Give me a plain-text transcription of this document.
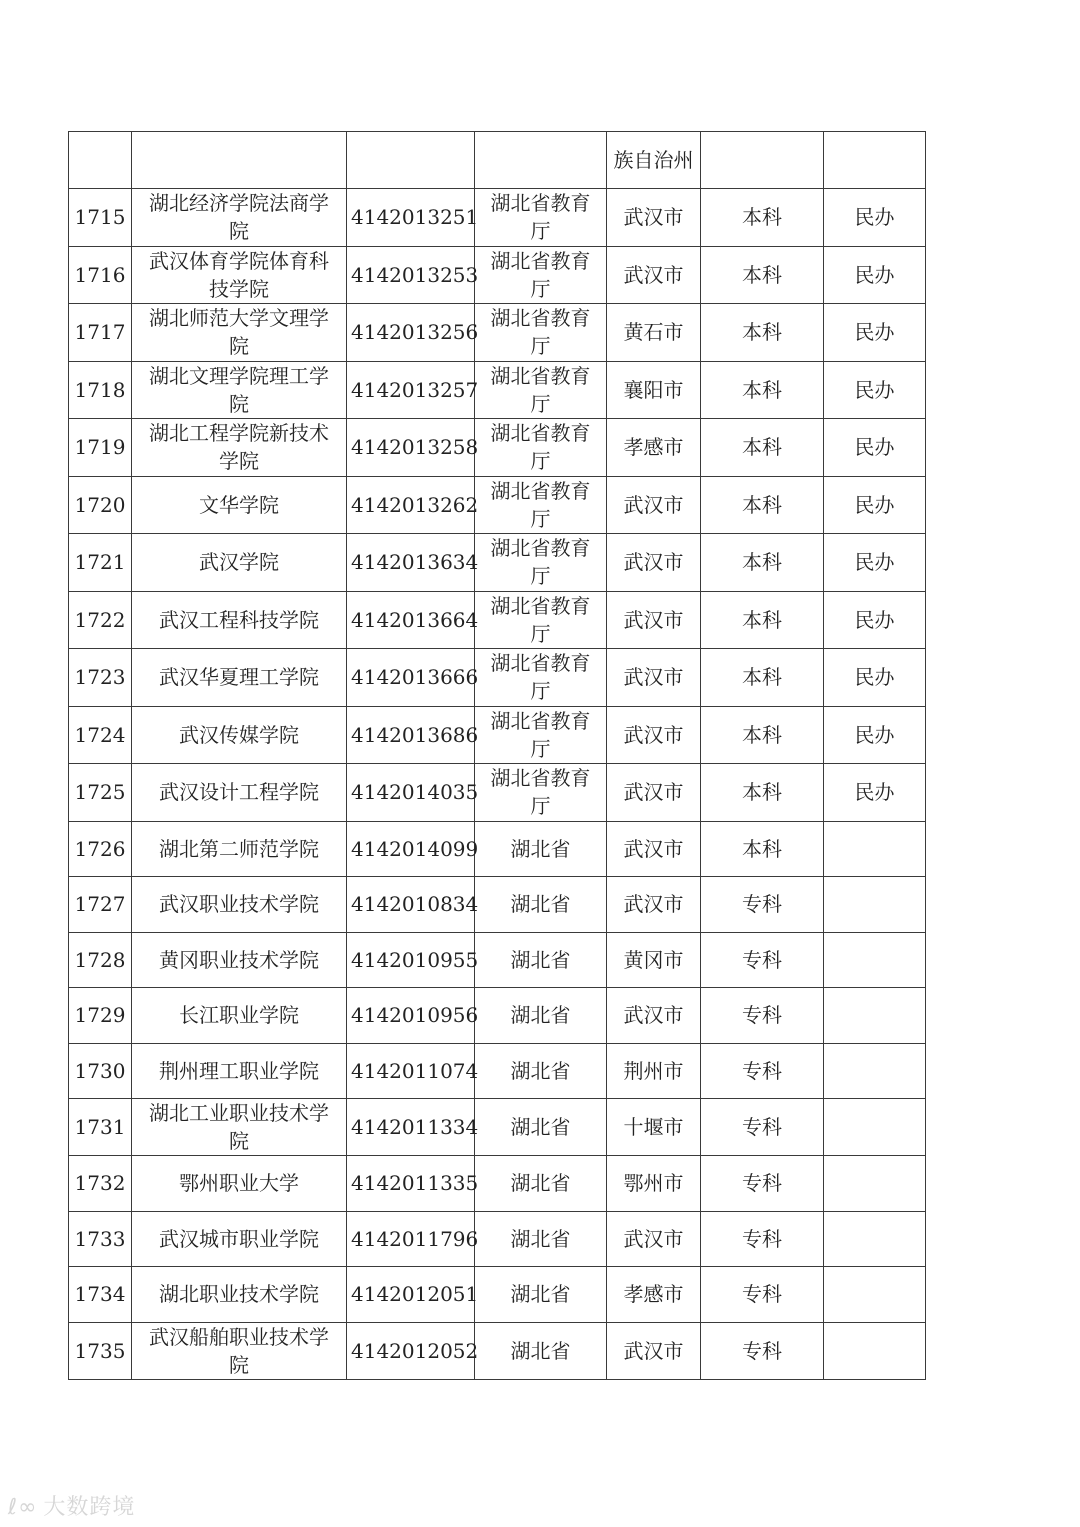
				族自治州		
1715	湖北经济学院法商学院	4142013251	湖北省教育厅	武汉市	本科	民办
1716	武汉体育学院体育科技学院	4142013253	湖北省教育厅	武汉市	本科	民办
1717	湖北师范大学文理学院	4142013256	湖北省教育厅	黄石市	本科	民办
1718	湖北文理学院理工学院	4142013257	湖北省教育厅	襄阳市	本科	民办
1719	湖北工程学院新技术学院	4142013258	湖北省教育厅	孝感市	本科	民办
1720	文华学院	4142013262	湖北省教育厅	武汉市	本科	民办
1721	武汉学院	4142013634	湖北省教育厅	武汉市	本科	民办
1722	武汉工程科技学院	4142013664	湖北省教育厅	武汉市	本科	民办
1723	武汉华夏理工学院	4142013666	湖北省教育厅	武汉市	本科	民办
1724	武汉传媒学院	4142013686	湖北省教育厅	武汉市	本科	民办
1725	武汉设计工程学院	4142014035	湖北省教育厅	武汉市	本科	民办
1726	湖北第二师范学院	4142014099	湖北省	武汉市	本科	
1727	武汉职业技术学院	4142010834	湖北省	武汉市	专科	
1728	黄冈职业技术学院	4142010955	湖北省	黄冈市	专科	
1729	长江职业学院	4142010956	湖北省	武汉市	专科	
1730	荆州理工职业学院	4142011074	湖北省	荆州市	专科	
1731	湖北工业职业技术学院	4142011334	湖北省	十堰市	专科	
1732	鄂州职业大学	4142011335	湖北省	鄂州市	专科	
1733	武汉城市职业学院	4142011796	湖北省	武汉市	专科	
1734	湖北职业技术学院	4142012051	湖北省	孝感市	专科	
1735	武汉船舶职业技术学院	4142012052	湖北省	武汉市	专科	
ℓ∞ 大数跨境
